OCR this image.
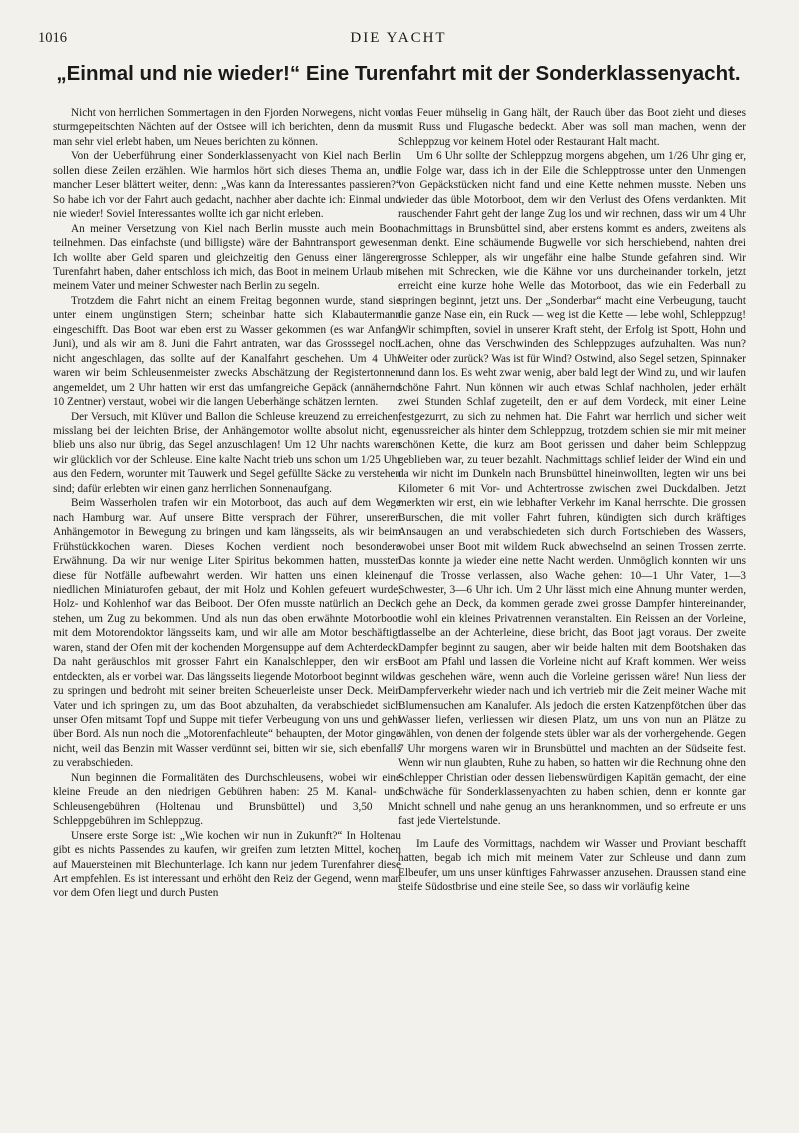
1016	DIE YACHT
„Einmal und nie wieder!“ Eine Turenfahrt mit der Sonderklassenyacht.

Nicht von herrlichen Sommertagen in den Fjorden Norwegens, nicht von sturmgepeitschten Nächten auf der Ostsee will ich berichten, denn da muss man sehr viel erlebt haben, um Neues berichten zu können.

Von der Ueberführung einer Sonderklassenyacht von Kiel nach Berlin sollen diese Zeilen erzählen. Wie harmlos hört sich dieses Thema an, und mancher Leser blättert weiter, denn: „Was kann da Interessantes passieren?“ So habe ich vor der Fahrt auch gedacht, nachher aber dachte ich: Einmal und nie wieder! Soviel Interessantes wollte ich gar nicht erleben.

An meiner Versetzung von Kiel nach Berlin musste auch mein Boot teilnehmen. Das einfachste (und billigste) wäre der Bahntransport gewesen. Ich wollte aber Geld sparen und gleichzeitig den Genuss einer längeren Turenfahrt haben, daher entschloss ich mich, das Boot in meinem Urlaub mit meinem Vater und meiner Schwester nach Berlin zu segeln.

Trotzdem die Fahrt nicht an einem Freitag begonnen wurde, stand sie unter einem ungünstigen Stern; scheinbar hatte sich Klabautermann eingeschifft. Das Boot war eben erst zu Wasser gekommen (es war Anfang Juni), und als wir am 8. Juni die Fahrt antraten, war das Grosssegel noch nicht angeschlagen, das sollte auf der Kanalfahrt geschehen. Um 4 Uhr waren wir beim Schleusenmeister zwecks Abschätzung der Registertonnen angemeldet, um 2 Uhr hatten wir erst das umfangreiche Gepäck (annähernd 10 Zentner) verstaut, wobei wir die langen Ueberhänge schätzen lernten.

Der Versuch, mit Klüver und Ballon die Schleuse kreuzend zu erreichen, misslang bei der leichten Brise, der Anhängemotor wollte absolut nicht, es blieb uns also nur übrig, das Segel anzuschlagen! Um 12 Uhr nachts waren wir glücklich vor der Schleuse. Eine kalte Nacht trieb uns schon um 1/25 Uhr aus den Federn, worunter mit Tauwerk und Segel gefüllte Säcke zu verstehen sind; dafür erlebten wir einen ganz herrlichen Sonnenaufgang.

Beim Wasserholen trafen wir ein Motorboot, das auch auf dem Wege nach Hamburg war. Auf unsere Bitte versprach der Führer, unseren Anhängemotor in Bewegung zu bringen und kam längsseits, als wir beim Frühstückkochen waren. Dieses Kochen verdient noch besondere Erwähnung. Da wir nur wenige Liter Spiritus bekommen hatten, mussten diese für Notfälle aufbewahrt werden. Wir hatten uns einen kleinen, niedlichen Miniaturofen gebaut, der mit Holz und Kohlen gefeuert wurde, Holz- und Kohlenhof war das Beiboot. Der Ofen musste natürlich an Deck stehen, um Zug zu bekommen. Und als nun das oben erwähnte Motorboot mit dem Motorendoktor längsseits kam, und wir alle am Motor beschäftigt waren, stand der Ofen mit der kochenden Morgensuppe auf dem Achterdeck. Da naht geräuschlos mit grosser Fahrt ein Kanalschlepper, den wir erst entdeckten, als er vorbei war. Das längsseits liegende Motorboot beginnt wild zu springen und bedroht mit seiner breiten Scheuerleiste unser Deck. Mein Vater und ich springen zu, um das Boot abzuhalten, da verabschiedet sich unser Ofen mitsamt Topf und Suppe mit tiefer Verbeugung von uns und geht über Bord. Als nun noch die „Motorenfachleute“ behaupten, der Motor ginge nicht, weil das Benzin mit Wasser verdünnt sei, bitten wir sie, sich ebenfalls zu verabschieden.

Nun beginnen die Formalitäten des Durchschleusens, wobei wir eine kleine Freude an den niedrigen Gebühren haben: 25 M. Kanal- und Schleusengebühren (Holtenau und Brunsbüttel) und 3,50 M. Schleppgebühren im Schleppzug.

Unsere erste Sorge ist: „Wie kochen wir nun in Zukunft?“ In Holtenau gibt es nichts Passendes zu kaufen, wir greifen zum letzten Mittel, kochen auf Mauersteinen mit Blechunterlage. Ich kann nur jedem Turenfahrer diese Art empfehlen. Es ist interessant und erhöht den Reiz der Gegend, wenn man vor dem Ofen liegt und durch Pusten

das Feuer mühselig in Gang hält, der Rauch über das Boot zieht und dieses mit Russ und Flugasche bedeckt. Aber was soll man machen, wenn der Schleppzug vor keinem Hotel oder Restaurant Halt macht.

Um 6 Uhr sollte der Schleppzug morgens abgehen, um 1/26 Uhr ging er, die Folge war, dass ich in der Eile die Schlepptrosse unter den Unmengen von Gepäckstücken nicht fand und eine Kette nehmen musste. Neben uns wieder das üble Motorboot, dem wir den Verlust des Ofens verdankten. Mit rauschender Fahrt geht der lange Zug los und wir rechnen, dass wir um 4 Uhr nachmittags in Brunsbüttel sind, aber erstens kommt es anders, zweitens als man denkt. Eine schäumende Bugwelle vor sich herschiebend, nahten drei grosse Schlepper, als wir ungefähr eine halbe Stunde gefahren sind. Wir sehen mit Schrecken, wie die Kähne vor uns durcheinander torkeln, jetzt erreicht eine kurze hohe Welle das Motorboot, das wie ein Federball zu springen beginnt, jetzt uns. Der „Sonderbar“ macht eine Verbeugung, taucht die ganze Nase ein, ein Ruck — weg ist die Kette — lebe wohl, Schleppzug! Wir schimpften, soviel in unserer Kraft steht, der Erfolg ist Spott, Hohn und Lachen, ohne das Verschwinden des Schleppzuges aufzuhalten. Was nun? Weiter oder zurück? Was ist für Wind? Ostwind, also Segel setzen, Spinnaker und dann los. Es weht zwar wenig, aber bald legt der Wind zu, und wir laufen schöne Fahrt. Nun können wir auch etwas Schlaf nachholen, jeder erhält zwei Stunden Schlaf zugeteilt, den er auf dem Vordeck, mit einer Leine festgezurrt, zu sich zu nehmen hat. Die Fahrt war herrlich und sicher weit genussreicher als hinter dem Schleppzug, trotzdem schien sie mir mit meiner schönen Kette, die kurz am Boot gerissen und daher beim Schleppzug geblieben war, zu teuer bezahlt. Nachmittags schlief leider der Wind ein und da wir nicht im Dunkeln nach Brunsbüttel hineinwollten, legten wir uns bei Kilometer 6 mit Vor- und Achtertrosse zwischen zwei Duckdalben. Jetzt merkten wir erst, ein wie lebhafter Verkehr im Kanal herrschte. Die grossen Burschen, die mit voller Fahrt fuhren, kündigten sich durch kräftiges Ansaugen an und verabschiedeten sich durch Fortschieben des Wassers, wobei unser Boot mit wildem Ruck abwechselnd an seinen Trossen zerrte. Das konnte ja wieder eine nette Nacht werden. Unmöglich konnten wir uns auf die Trosse verlassen, also Wache gehen: 10—1 Uhr Vater, 1—3 Schwester, 3—6 Uhr ich. Um 2 Uhr lässt mich eine Ahnung munter werden, ich gehe an Deck, da kommen gerade zwei grosse Dampfer hintereinander, die wohl ein kleines Privatrennen veranstalten. Ein Reissen an der Vorleine, dasselbe an der Achterleine, diese bricht, das Boot jagt voraus. Der zweite Dampfer beginnt zu saugen, aber wir beide halten mit dem Bootshaken das Boot am Pfahl und lassen die Vorleine nicht auf Kraft kommen. Wer weiss was geschehen wäre, wenn auch die Vorleine gerissen wäre! Nun liess der Dampferverkehr wieder nach und ich vertrieb mir die Zeit meiner Wache mit Blumensuchen am Kanalufer. Als jedoch die ersten Katzenpfötchen über das Wasser liefen, verliessen wir diesen Platz, um uns von nun an Plätze zu wählen, von denen der folgende stets übler war als der vorhergehende. Gegen 7 Uhr morgens waren wir in Brunsbüttel und machten an der Südseite fest. Wenn wir nun glaubten, Ruhe zu haben, so hatten wir die Rechnung ohne den Schlepper Christian oder dessen liebenswürdigen Kapitän gemacht, der eine Schwäche für Sonderklassenyachten zu haben schien, denn er konnte gar nicht schnell und nahe genug an uns heranknommen, und so erfreute er uns fast jede Viertelstunde.

Im Laufe des Vormittags, nachdem wir Wasser und Proviant beschafft hatten, begab ich mich mit meinem Vater zur Schleuse und dann zum Elbeufer, um uns unser künftiges Fahrwasser anzusehen. Draussen stand eine steife Südostbrise und eine steile See, so dass wir vorläufig keine
